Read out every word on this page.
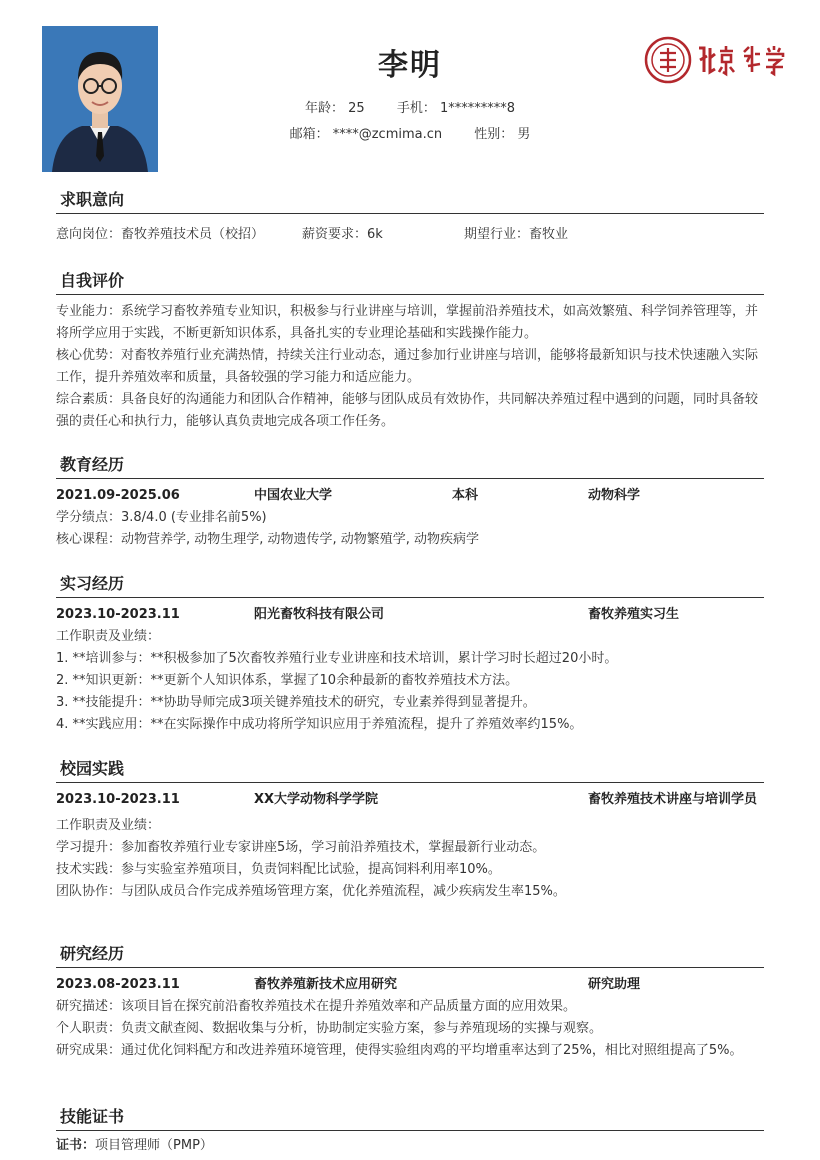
李明
年龄： 25 手机： 1*********8
邮箱： ****@zcmima.cn 性别： 男
求职意向
意向岗位：畜牧养殖技术员（校招）	薪资要求：6k	期望行业：畜牧业
自我评价

专业能力：系统学习畜牧养殖专业知识，积极参与行业讲座与培训，掌握前沿养殖技术，如高效繁殖、科学饲养管理等，并将所学应用于实践，不断更新知识体系，具备扎实的专业理论基础和实践操作能力。

核心优势：对畜牧养殖行业充满热情，持续关注行业动态，通过参加行业讲座与培训，能够将最新知识与技术快速融入实际工作，提升养殖效率和质量，具备较强的学习能力和适应能力。

综合素质：具备良好的沟通能力和团队合作精神，能够与团队成员有效协作，共同解决养殖过程中遇到的问题，同时具备较强的责任心和执行力，能够认真负责地完成各项工作任务。

教育经历
2021.09-2025.06	中国农业大学	本科	动物科学
学分绩点：3.8/4.0 (专业排名前5%)
核心课程：动物营养学, 动物生理学, 动物遗传学, 动物繁殖学, 动物疾病学
实习经历
2023.10-2023.11	阳光畜牧科技有限公司	畜牧养殖实习生
工作职责及业绩：
1. **培训参与：**积极参加了5次畜牧养殖行业专业讲座和技术培训，累计学习时长超过20小时。
2. **知识更新：**更新个人知识体系，掌握了10余种最新的畜牧养殖技术方法。
3. **技能提升：**协助导师完成3项关键养殖技术的研究，专业素养得到显著提升。
4. **实践应用：**在实际操作中成功将所学知识应用于养殖流程，提升了养殖效率约15%。
校园实践
2023.10-2023.11	XX大学动物科学学院	畜牧养殖技术讲座与培训学员
工作职责及业绩：
学习提升：参加畜牧养殖行业专家讲座5场，学习前沿养殖技术，掌握最新行业动态。
技术实践：参与实验室养殖项目，负责饲料配比试验，提高饲料利用率10%。
团队协作：与团队成员合作完成养殖场管理方案，优化养殖流程，减少疾病发生率15%。
研究经历
2023.08-2023.11	畜牧养殖新技术应用研究	研究助理
研究描述：该项目旨在探究前沿畜牧养殖技术在提升养殖效率和产品质量方面的应用效果。
个人职责：负责文献查阅、数据收集与分析，协助制定实验方案，参与养殖现场的实操与观察。
研究成果：通过优化饲料配方和改进养殖环境管理，使得实验组肉鸡的平均增重率达到了25%，相比对照组提高了5%。
技能证书
证书：项目管理师（PMP）
